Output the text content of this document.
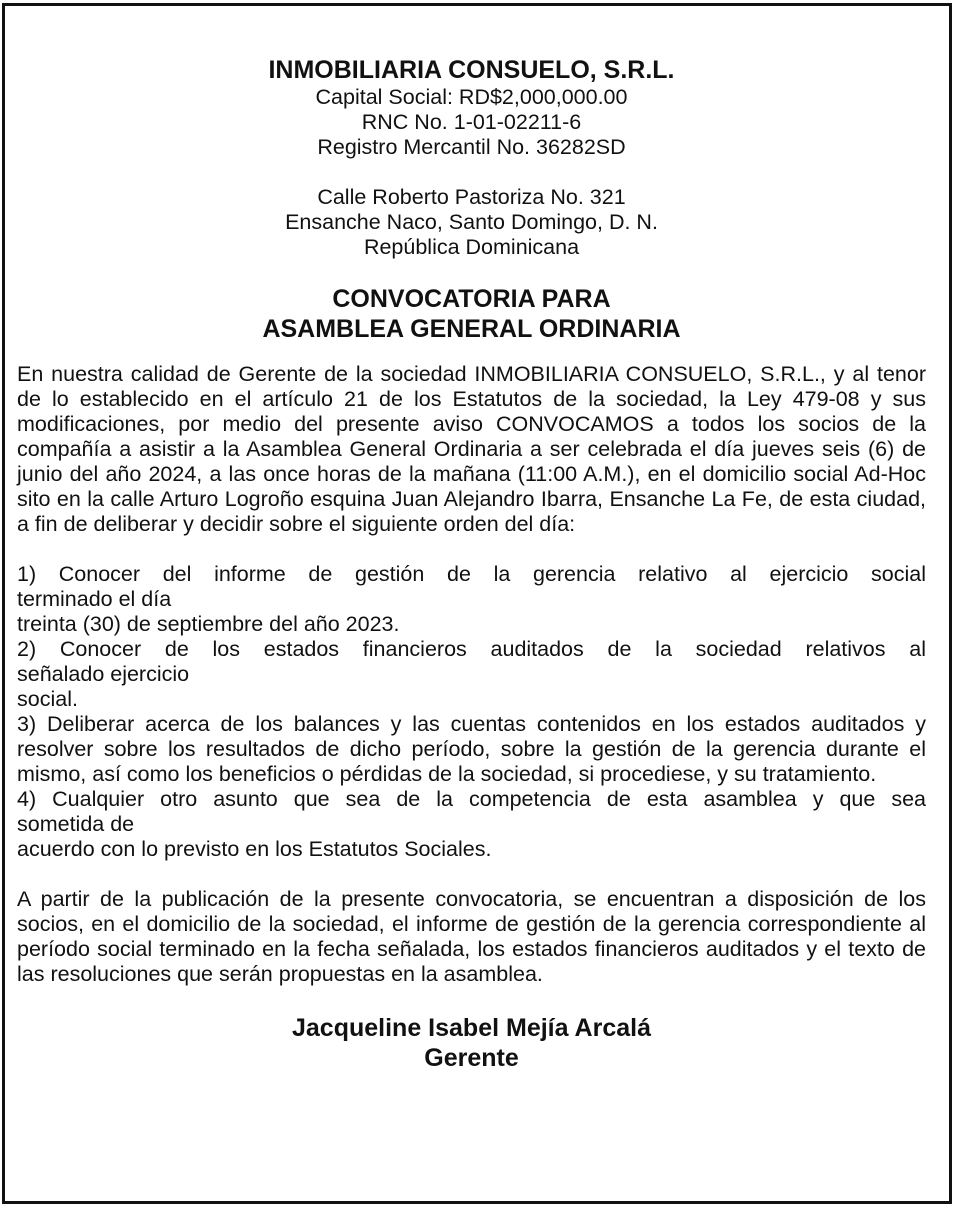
INMOBILIARIA CONSUELO, S.R.L.

Capital Social: RD$2,000,000.00

RNC No. 1-01-02211-6

Registro Mercantil No. 36282SD

Calle Roberto Pastoriza No. 321

Ensanche Naco, Santo Domingo, D. N.

República Dominicana

CONVOCATORIA PARA

ASAMBLEA GENERAL ORDINARIA

En nuestra calidad de Gerente de la sociedad INMOBILIARIA CONSUELO, S.R.L., y al tenor de lo establecido en el artículo 21 de los Estatutos de la sociedad, la Ley 479-08 y sus modificaciones, por medio del presente aviso CONVOCAMOS a todos los socios de la compañía a asistir a la Asamblea General Ordinaria a ser celebrada el día jueves seis (6) de junio del año 2024, a las once horas de la mañana (11:00 A.M.), en el domicilio social Ad-Hoc sito en la calle Arturo Logroño esquina Juan Alejandro Ibarra, Ensanche La Fe, de esta ciudad, a fin de deliberar y decidir sobre el siguiente orden del día:

1) Conocer del informe de gestión de la gerencia relativo al ejercicio social

terminado el día

treinta (30) de septiembre del año 2023.

2) Conocer de los estados financieros auditados de la sociedad relativos al

señalado ejercicio

social.

3) Deliberar acerca de los balances y las cuentas contenidos en los estados auditados y resolver sobre los resultados de dicho período, sobre la gestión de la gerencia durante el mismo, así como los beneficios o pérdidas de la sociedad, si procediese, y su tratamiento.

4) Cualquier otro asunto que sea de la competencia de esta asamblea y que sea

sometida de

acuerdo con lo previsto en los Estatutos Sociales.

A partir de la publicación de la presente convocatoria, se encuentran a disposición de los socios, en el domicilio de la sociedad, el informe de gestión de la gerencia correspondiente al período social terminado en la fecha señalada, los estados financieros auditados y el texto de las resoluciones que serán propuestas en la asamblea.

Jacqueline Isabel Mejía Arcalá

Gerente
